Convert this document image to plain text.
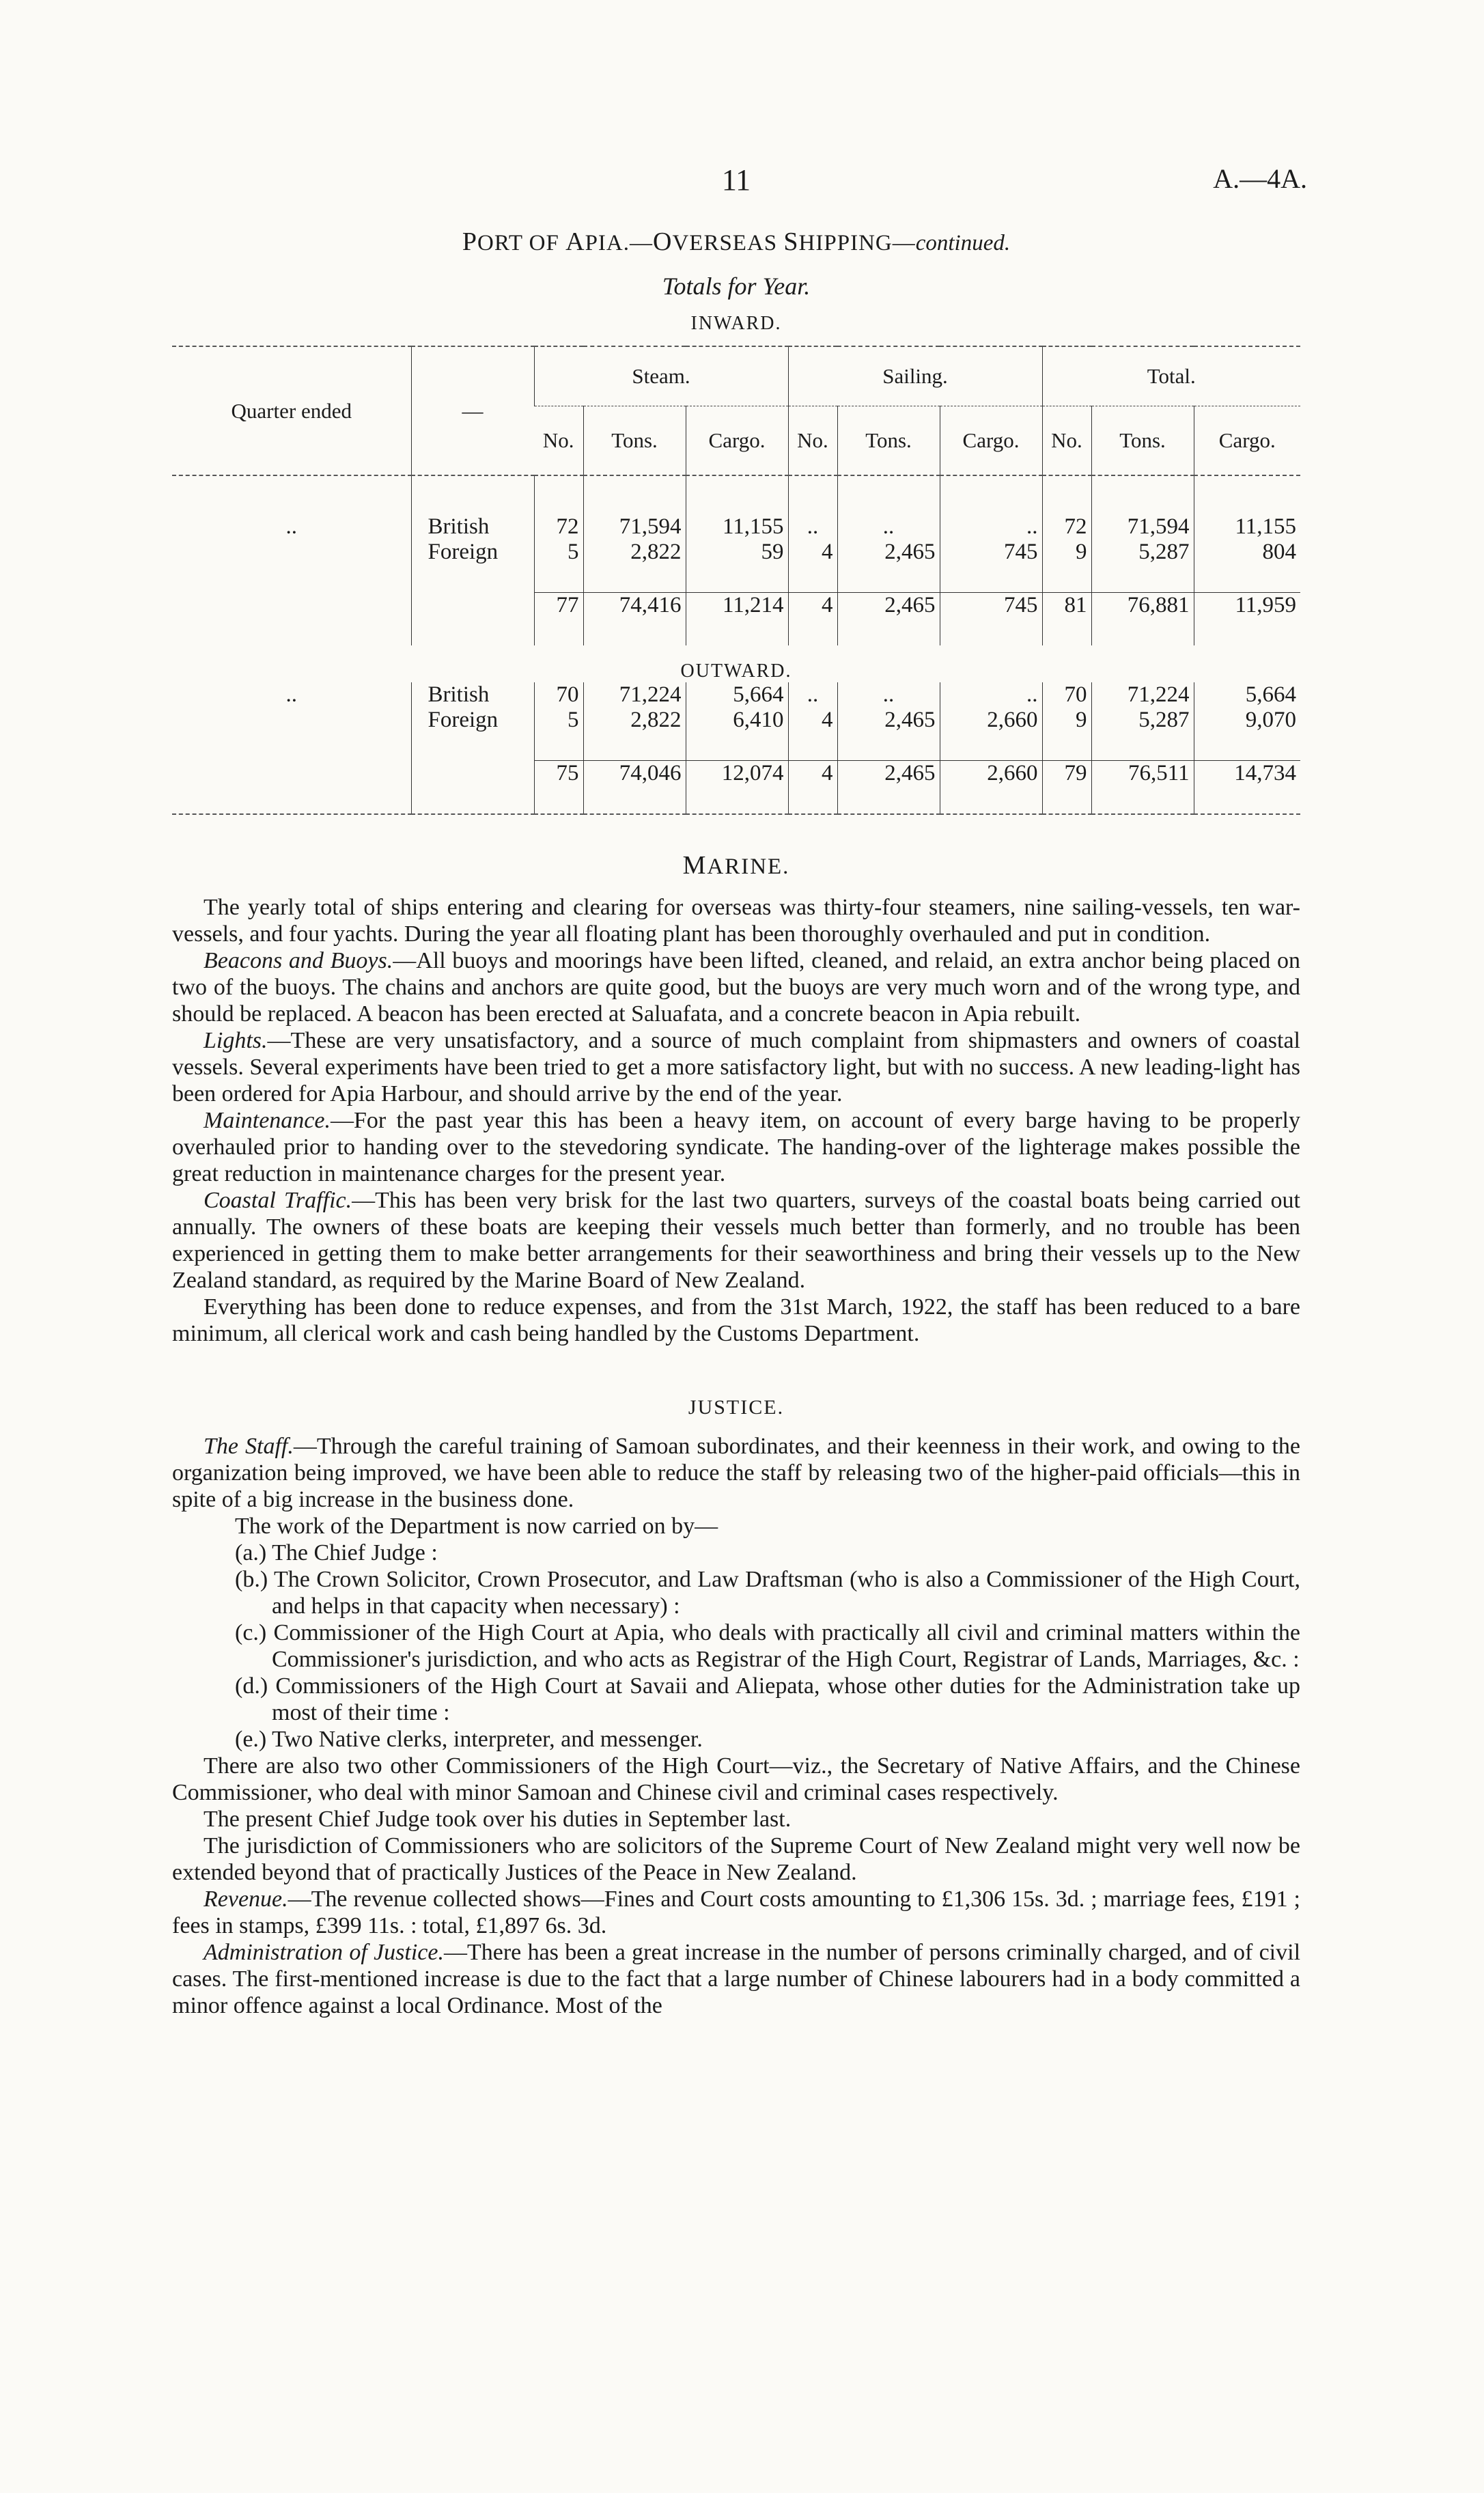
11	A.—4A.
PORT OF APIA.—OVERSEAS SHIPPING—continued.
Totals for Year.
INWARD.
Quarter ended	—	Steam.			Sailing.			Total.		
		No.	Tons.	Cargo.	No.	Tons.	Cargo.	No.	Tons.	Cargo.

..	British	72	71,594	11,155	..	..	..	72	71,594	11,155
	Foreign	5	2,822	59	4	2,465	745	9	5,287	804

		77	74,416	11,214	4	2,465	745	81	76,881	11,959

OUTWARD.										
..	British	70	71,224	5,664	..	..	..	70	71,224	5,664
	Foreign	5	2,822	6,410	4	2,465	2,660	9	5,287	9,070

		75	74,046	12,074	4	2,465	2,660	79	76,511	14,734

MARINE.

The yearly total of ships entering and clearing for overseas was thirty-four steamers, nine sailing-vessels, ten war-vessels, and four yachts. During the year all floating plant has been thoroughly overhauled and put in condition.

Beacons and Buoys.—All buoys and moorings have been lifted, cleaned, and relaid, an extra anchor being placed on two of the buoys. The chains and anchors are quite good, but the buoys are very much worn and of the wrong type, and should be replaced. A beacon has been erected at Saluafata, and a concrete beacon in Apia rebuilt.

Lights.—These are very unsatisfactory, and a source of much complaint from shipmasters and owners of coastal vessels. Several experiments have been tried to get a more satisfactory light, but with no success. A new leading-light has been ordered for Apia Harbour, and should arrive by the end of the year.

Maintenance.—For the past year this has been a heavy item, on account of every barge having to be properly overhauled prior to handing over to the stevedoring syndicate. The handing-over of the lighterage makes possible the great reduction in maintenance charges for the present year.

Coastal Traffic.—This has been very brisk for the last two quarters, surveys of the coastal boats being carried out annually. The owners of these boats are keeping their vessels much better than formerly, and no trouble has been experienced in getting them to make better arrangements for their seaworthiness and bring their vessels up to the New Zealand standard, as required by the Marine Board of New Zealand.

Everything has been done to reduce expenses, and from the 31st March, 1922, the staff has been reduced to a bare minimum, all clerical work and cash being handled by the Customs Department.

JUSTICE.

The Staff.—Through the careful training of Samoan subordinates, and their keenness in their work, and owing to the organization being improved, we have been able to reduce the staff by releasing two of the higher-paid officials—this in spite of a big increase in the business done.

The work of the Department is now carried on by—

(a.) The Chief Judge :
(b.) The Crown Solicitor, Crown Prosecutor, and Law Draftsman (who is also a Commissioner of the High Court, and helps in that capacity when necessary) :
(c.) Commissioner of the High Court at Apia, who deals with practically all civil and criminal matters within the Commissioner's jurisdiction, and who acts as Registrar of the High Court, Registrar of Lands, Marriages, &c. :
(d.) Commissioners of the High Court at Savaii and Aliepata, whose other duties for the Administration take up most of their time :
(e.) Two Native clerks, interpreter, and messenger.

There are also two other Commissioners of the High Court—viz., the Secretary of Native Affairs, and the Chinese Commissioner, who deal with minor Samoan and Chinese civil and criminal cases respectively.

The present Chief Judge took over his duties in September last.

The jurisdiction of Commissioners who are solicitors of the Supreme Court of New Zealand might very well now be extended beyond that of practically Justices of the Peace in New Zealand.

Revenue.—The revenue collected shows—Fines and Court costs amounting to £1,306 15s. 3d. ; marriage fees, £191 ; fees in stamps, £399 11s. : total, £1,897 6s. 3d.

Administration of Justice.—There has been a great increase in the number of persons criminally charged, and of civil cases. The first-mentioned increase is due to the fact that a large number of Chinese labourers had in a body committed a minor offence against a local Ordinance. Most of the
